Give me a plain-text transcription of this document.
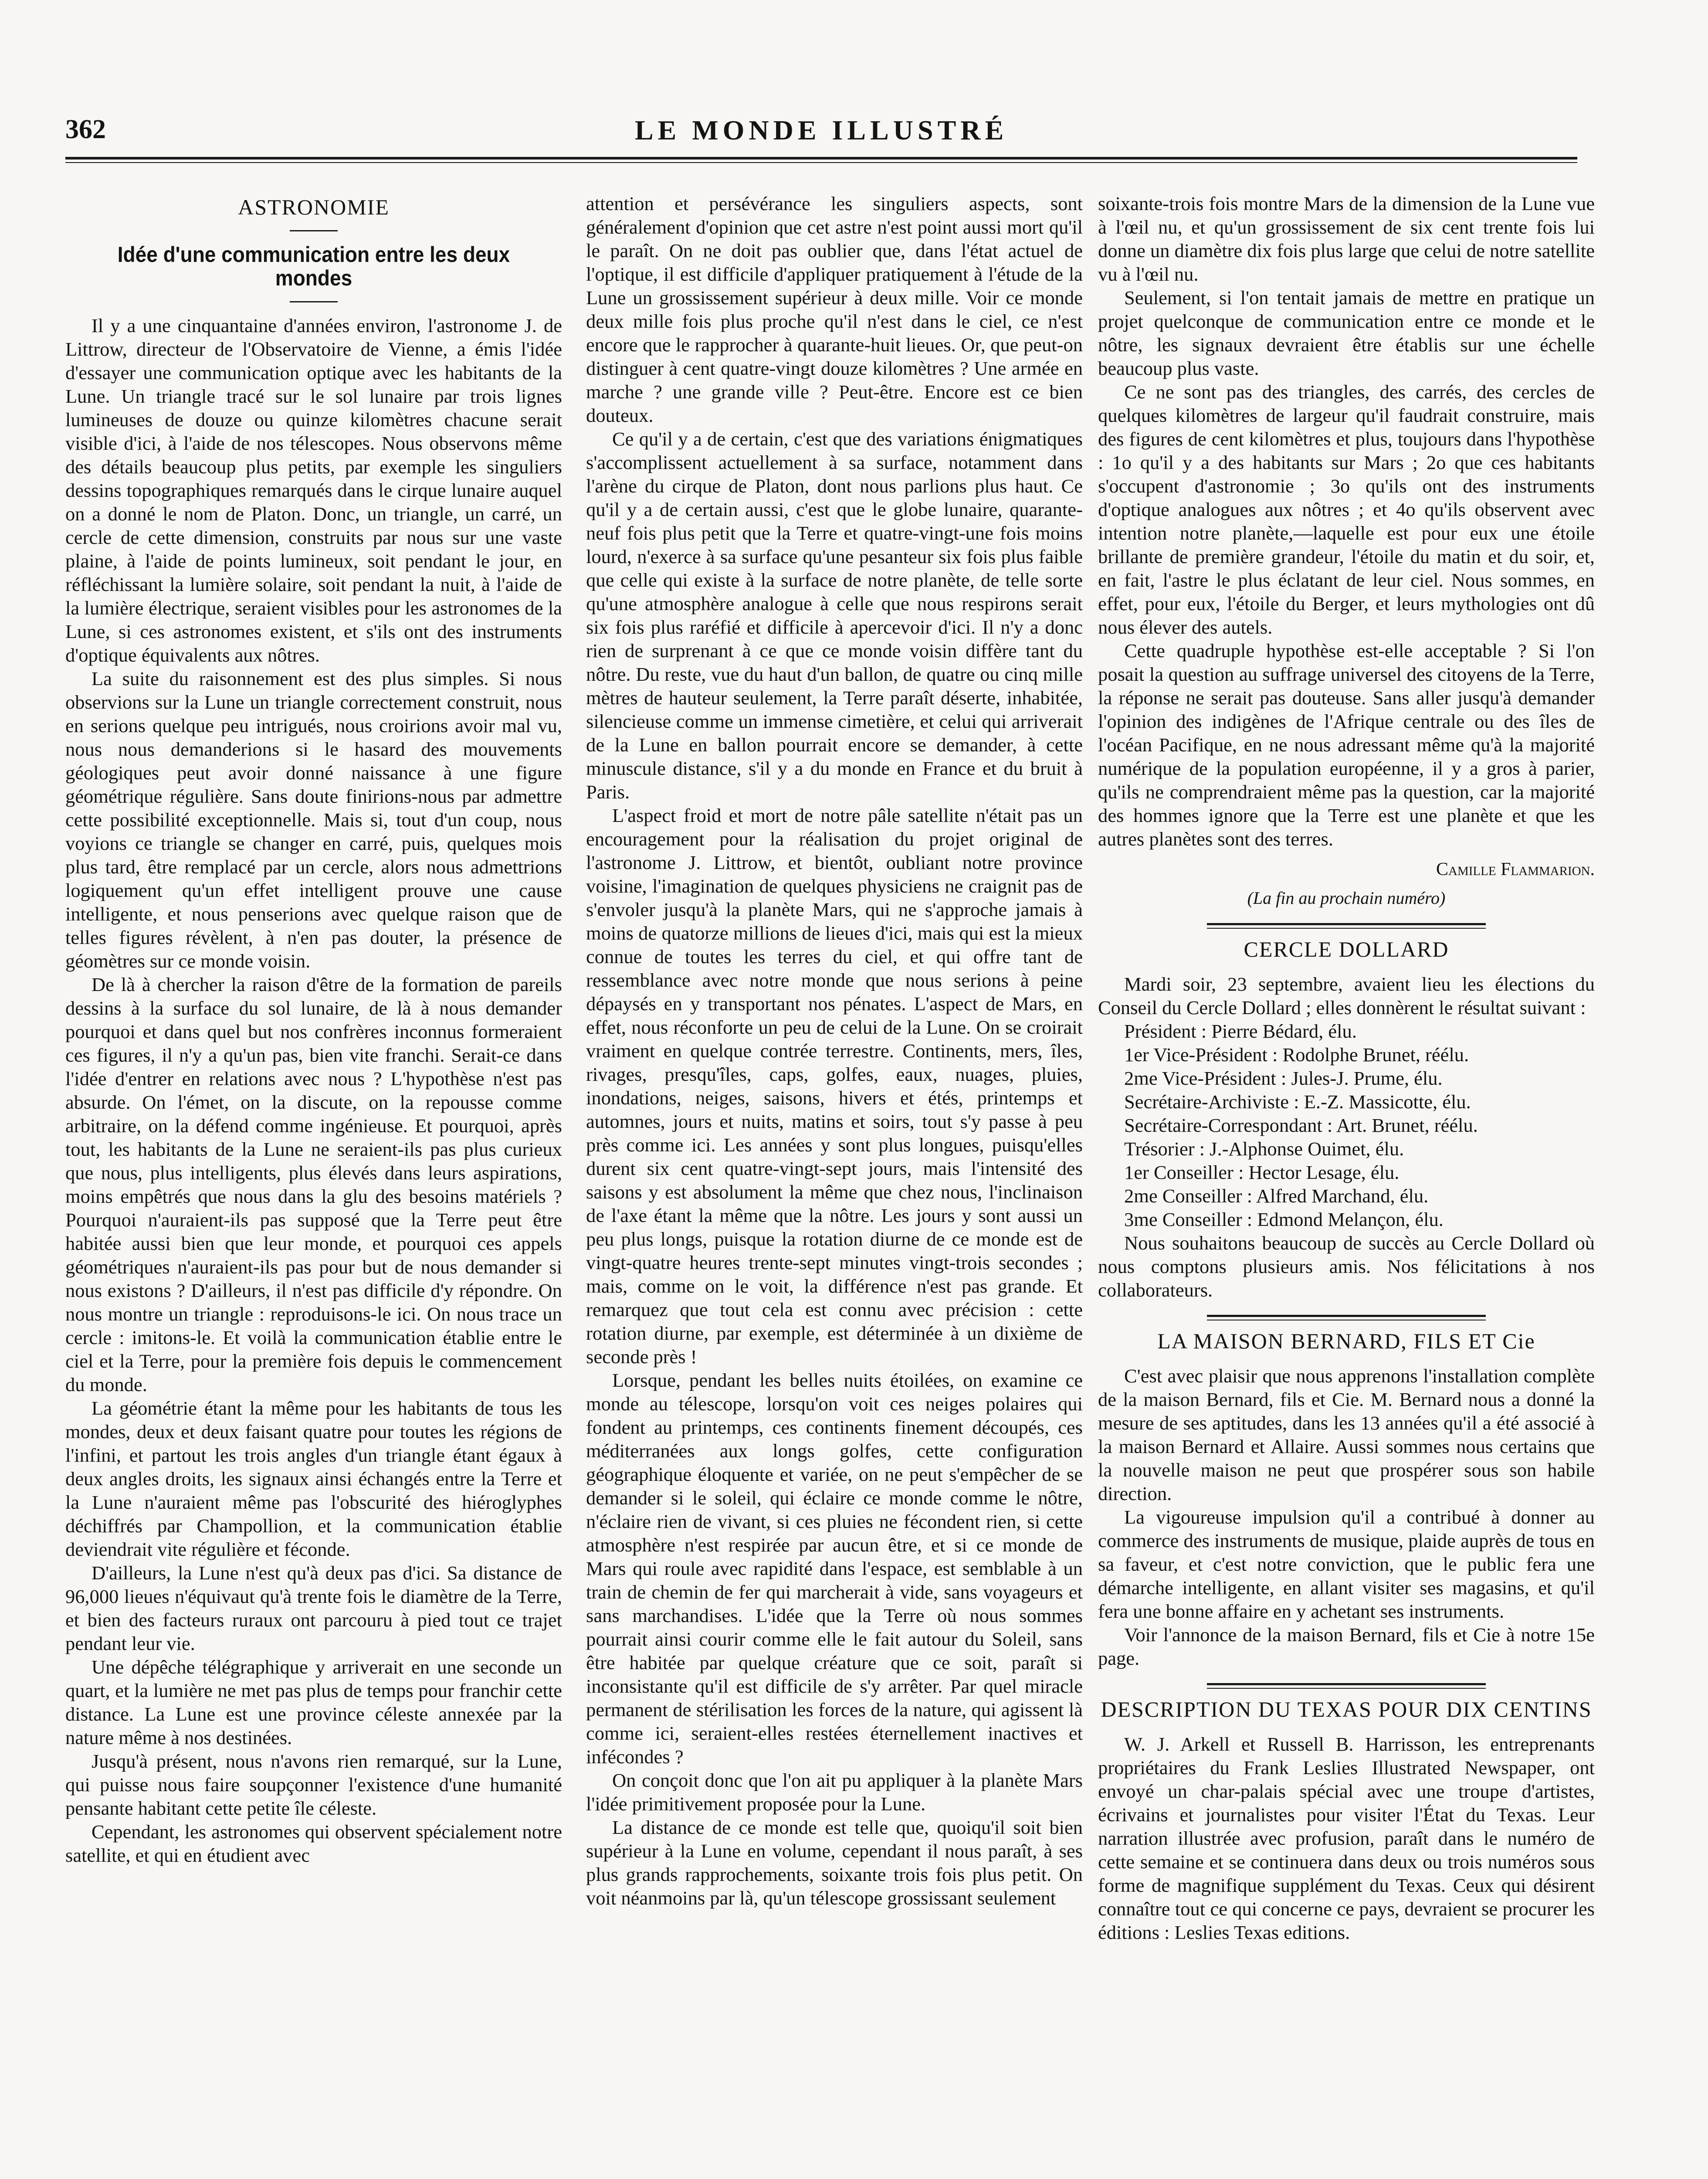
362	LE MONDE ILLUSTRÉ
ASTRONOMIE
Idée d'une communication entre les deux mondes

Il y a une cinquantaine d'années environ, l'astronome J. de Littrow, directeur de l'Observatoire de Vienne, a émis l'idée d'essayer une communication optique avec les habitants de la Lune. Un triangle tracé sur le sol lunaire par trois lignes lumineuses de douze ou quinze kilomètres chacune serait visible d'ici, à l'aide de nos télescopes. Nous observons même des détails beaucoup plus petits, par exemple les singuliers dessins topographiques remarqués dans le cirque lunaire auquel on a donné le nom de Platon. Donc, un triangle, un carré, un cercle de cette dimension, construits par nous sur une vaste plaine, à l'aide de points lumineux, soit pendant le jour, en réfléchissant la lumière solaire, soit pendant la nuit, à l'aide de la lumière électrique, seraient visibles pour les astronomes de la Lune, si ces astronomes existent, et s'ils ont des instruments d'optique équivalents aux nôtres.

La suite du raisonnement est des plus simples. Si nous observions sur la Lune un triangle correctement construit, nous en serions quelque peu intrigués, nous croirions avoir mal vu, nous nous demanderions si le hasard des mouvements géologiques peut avoir donné naissance à une figure géométrique régulière. Sans doute finirions-nous par admettre cette possibilité exceptionnelle. Mais si, tout d'un coup, nous voyions ce triangle se changer en carré, puis, quelques mois plus tard, être remplacé par un cercle, alors nous admettrions logiquement qu'un effet intelligent prouve une cause intelligente, et nous penserions avec quelque raison que de telles figures révèlent, à n'en pas douter, la présence de géomètres sur ce monde voisin.

De là à chercher la raison d'être de la formation de pareils dessins à la surface du sol lunaire, de là à nous demander pourquoi et dans quel but nos confrères inconnus formeraient ces figures, il n'y a qu'un pas, bien vite franchi. Serait-ce dans l'idée d'entrer en relations avec nous ? L'hypothèse n'est pas absurde. On l'émet, on la discute, on la repousse comme arbitraire, on la défend comme ingénieuse. Et pourquoi, après tout, les habitants de la Lune ne seraient-ils pas plus curieux que nous, plus intelligents, plus élevés dans leurs aspirations, moins empêtrés que nous dans la glu des besoins matériels ? Pourquoi n'auraient-ils pas supposé que la Terre peut être habitée aussi bien que leur monde, et pourquoi ces appels géométriques n'auraient-ils pas pour but de nous demander si nous existons ? D'ailleurs, il n'est pas difficile d'y répondre. On nous montre un triangle : reproduisons-le ici. On nous trace un cercle : imitons-le. Et voilà la communication établie entre le ciel et la Terre, pour la première fois depuis le commencement du monde.

La géométrie étant la même pour les habitants de tous les mondes, deux et deux faisant quatre pour toutes les régions de l'infini, et partout les trois angles d'un triangle étant égaux à deux angles droits, les signaux ainsi échangés entre la Terre et la Lune n'auraient même pas l'obscurité des hiéroglyphes déchiffrés par Champollion, et la communication établie deviendrait vite régulière et féconde.

D'ailleurs, la Lune n'est qu'à deux pas d'ici. Sa distance de 96,000 lieues n'équivaut qu'à trente fois le diamètre de la Terre, et bien des facteurs ruraux ont parcouru à pied tout ce trajet pendant leur vie.

Une dépêche télégraphique y arriverait en une seconde un quart, et la lumière ne met pas plus de temps pour franchir cette distance. La Lune est une province céleste annexée par la nature même à nos destinées.

Jusqu'à présent, nous n'avons rien remarqué, sur la Lune, qui puisse nous faire soupçonner l'existence d'une humanité pensante habitant cette petite île céleste.

Cependant, les astronomes qui observent spécialement notre satellite, et qui en étudient avec

attention et persévérance les singuliers aspects, sont généralement d'opinion que cet astre n'est point aussi mort qu'il le paraît. On ne doit pas oublier que, dans l'état actuel de l'optique, il est difficile d'appliquer pratiquement à l'étude de la Lune un grossissement supérieur à deux mille. Voir ce monde deux mille fois plus proche qu'il n'est dans le ciel, ce n'est encore que le rapprocher à quarante-huit lieues. Or, que peut-on distinguer à cent quatre-vingt douze kilomètres ? Une armée en marche ? une grande ville ? Peut-être. Encore est ce bien douteux.

Ce qu'il y a de certain, c'est que des variations énigmatiques s'accomplissent actuellement à sa surface, notamment dans l'arène du cirque de Platon, dont nous parlions plus haut. Ce qu'il y a de certain aussi, c'est que le globe lunaire, quarante-neuf fois plus petit que la Terre et quatre-vingt-une fois moins lourd, n'exerce à sa surface qu'une pesanteur six fois plus faible que celle qui existe à la surface de notre planète, de telle sorte qu'une atmosphère analogue à celle que nous respirons serait six fois plus raréfié et difficile à apercevoir d'ici. Il n'y a donc rien de surprenant à ce que ce monde voisin diffère tant du nôtre. Du reste, vue du haut d'un ballon, de quatre ou cinq mille mètres de hauteur seulement, la Terre paraît déserte, inhabitée, silencieuse comme un immense cimetière, et celui qui arriverait de la Lune en ballon pourrait encore se demander, à cette minuscule distance, s'il y a du monde en France et du bruit à Paris.

L'aspect froid et mort de notre pâle satellite n'était pas un encouragement pour la réalisation du projet original de l'astronome J. Littrow, et bientôt, oubliant notre province voisine, l'imagination de quelques physiciens ne craignit pas de s'envoler jusqu'à la planète Mars, qui ne s'approche jamais à moins de quatorze millions de lieues d'ici, mais qui est la mieux connue de toutes les terres du ciel, et qui offre tant de ressemblance avec notre monde que nous serions à peine dépaysés en y transportant nos pénates. L'aspect de Mars, en effet, nous réconforte un peu de celui de la Lune. On se croirait vraiment en quelque contrée terrestre. Continents, mers, îles, rivages, presqu'îles, caps, golfes, eaux, nuages, pluies, inondations, neiges, saisons, hivers et étés, printemps et automnes, jours et nuits, matins et soirs, tout s'y passe à peu près comme ici. Les années y sont plus longues, puisqu'elles durent six cent quatre-vingt-sept jours, mais l'intensité des saisons y est absolument la même que chez nous, l'inclinaison de l'axe étant la même que la nôtre. Les jours y sont aussi un peu plus longs, puisque la rotation diurne de ce monde est de vingt-quatre heures trente-sept minutes vingt-trois secondes ; mais, comme on le voit, la différence n'est pas grande. Et remarquez que tout cela est connu avec précision : cette rotation diurne, par exemple, est déterminée à un dixième de seconde près !

Lorsque, pendant les belles nuits étoilées, on examine ce monde au télescope, lorsqu'on voit ces neiges polaires qui fondent au printemps, ces continents finement découpés, ces méditerranées aux longs golfes, cette configuration géographique éloquente et variée, on ne peut s'empêcher de se demander si le soleil, qui éclaire ce monde comme le nôtre, n'éclaire rien de vivant, si ces pluies ne fécondent rien, si cette atmosphère n'est respirée par aucun être, et si ce monde de Mars qui roule avec rapidité dans l'espace, est semblable à un train de chemin de fer qui marcherait à vide, sans voyageurs et sans marchandises. L'idée que la Terre où nous sommes pourrait ainsi courir comme elle le fait autour du Soleil, sans être habitée par quelque créature que ce soit, paraît si inconsistante qu'il est difficile de s'y arrêter. Par quel miracle permanent de stérilisation les forces de la nature, qui agissent là comme ici, seraient-elles restées éternellement inactives et infécondes ?

On conçoit donc que l'on ait pu appliquer à la planète Mars l'idée primitivement proposée pour la Lune.

La distance de ce monde est telle que, quoiqu'il soit bien supérieur à la Lune en volume, cependant il nous paraît, à ses plus grands rapprochements, soixante trois fois plus petit. On voit néanmoins par là, qu'un télescope grossissant seulement

soixante-trois fois montre Mars de la dimension de la Lune vue à l'œil nu, et qu'un grossissement de six cent trente fois lui donne un diamètre dix fois plus large que celui de notre satellite vu à l'œil nu.

Seulement, si l'on tentait jamais de mettre en pratique un projet quelconque de communication entre ce monde et le nôtre, les signaux devraient être établis sur une échelle beaucoup plus vaste.

Ce ne sont pas des triangles, des carrés, des cercles de quelques kilomètres de largeur qu'il faudrait construire, mais des figures de cent kilomètres et plus, toujours dans l'hypothèse : 1o qu'il y a des habitants sur Mars ; 2o que ces habitants s'occupent d'astronomie ; 3o qu'ils ont des instruments d'optique analogues aux nôtres ; et 4o qu'ils observent avec intention notre planète,—laquelle est pour eux une étoile brillante de première grandeur, l'étoile du matin et du soir, et, en fait, l'astre le plus éclatant de leur ciel. Nous sommes, en effet, pour eux, l'étoile du Berger, et leurs mythologies ont dû nous élever des autels.

Cette quadruple hypothèse est-elle acceptable ? Si l'on posait la question au suffrage universel des citoyens de la Terre, la réponse ne serait pas douteuse. Sans aller jusqu'à demander l'opinion des indigènes de l'Afrique centrale ou des îles de l'océan Pacifique, en ne nous adressant même qu'à la majorité numérique de la population européenne, il y a gros à parier, qu'ils ne comprendraient même pas la question, car la majorité des hommes ignore que la Terre est une planète et que les autres planètes sont des terres.

Camille Flammarion.
(La fin au prochain numéro)
CERCLE DOLLARD

Mardi soir, 23 septembre, avaient lieu les élections du Conseil du Cercle Dollard ; elles donnèrent le résultat suivant :

Président : Pierre Bédard, élu.

1er Vice-Président : Rodolphe Brunet, réélu.

2me Vice-Président : Jules-J. Prume, élu.

Secrétaire-Archiviste : E.-Z. Massicotte, élu.

Secrétaire-Correspondant : Art. Brunet, réélu.

Trésorier : J.-Alphonse Ouimet, élu.

1er Conseiller : Hector Lesage, élu.

2me Conseiller : Alfred Marchand, élu.

3me Conseiller : Edmond Melançon, élu.

Nous souhaitons beaucoup de succès au Cercle Dollard où nous comptons plusieurs amis. Nos félicitations à nos collaborateurs.

LA MAISON BERNARD, FILS ET Cie

C'est avec plaisir que nous apprenons l'installation complète de la maison Bernard, fils et Cie. M. Bernard nous a donné la mesure de ses aptitudes, dans les 13 années qu'il a été associé à la maison Bernard et Allaire. Aussi sommes nous certains que la nouvelle maison ne peut que prospérer sous son habile direction.

La vigoureuse impulsion qu'il a contribué à donner au commerce des instruments de musique, plaide auprès de tous en sa faveur, et c'est notre conviction, que le public fera une démarche intelligente, en allant visiter ses magasins, et qu'il fera une bonne affaire en y achetant ses instruments.

Voir l'annonce de la maison Bernard, fils et Cie à notre 15e page.

DESCRIPTION DU TEXAS POUR DIX CENTINS

W. J. Arkell et Russell B. Harrisson, les entreprenants propriétaires du Frank Leslies Illustrated Newspaper, ont envoyé un char-palais spécial avec une troupe d'artistes, écrivains et journalistes pour visiter l'État du Texas. Leur narration illustrée avec profusion, paraît dans le numéro de cette semaine et se continuera dans deux ou trois numéros sous forme de magnifique supplément du Texas. Ceux qui désirent connaître tout ce qui concerne ce pays, devraient se procurer les éditions : Leslies Texas editions.
